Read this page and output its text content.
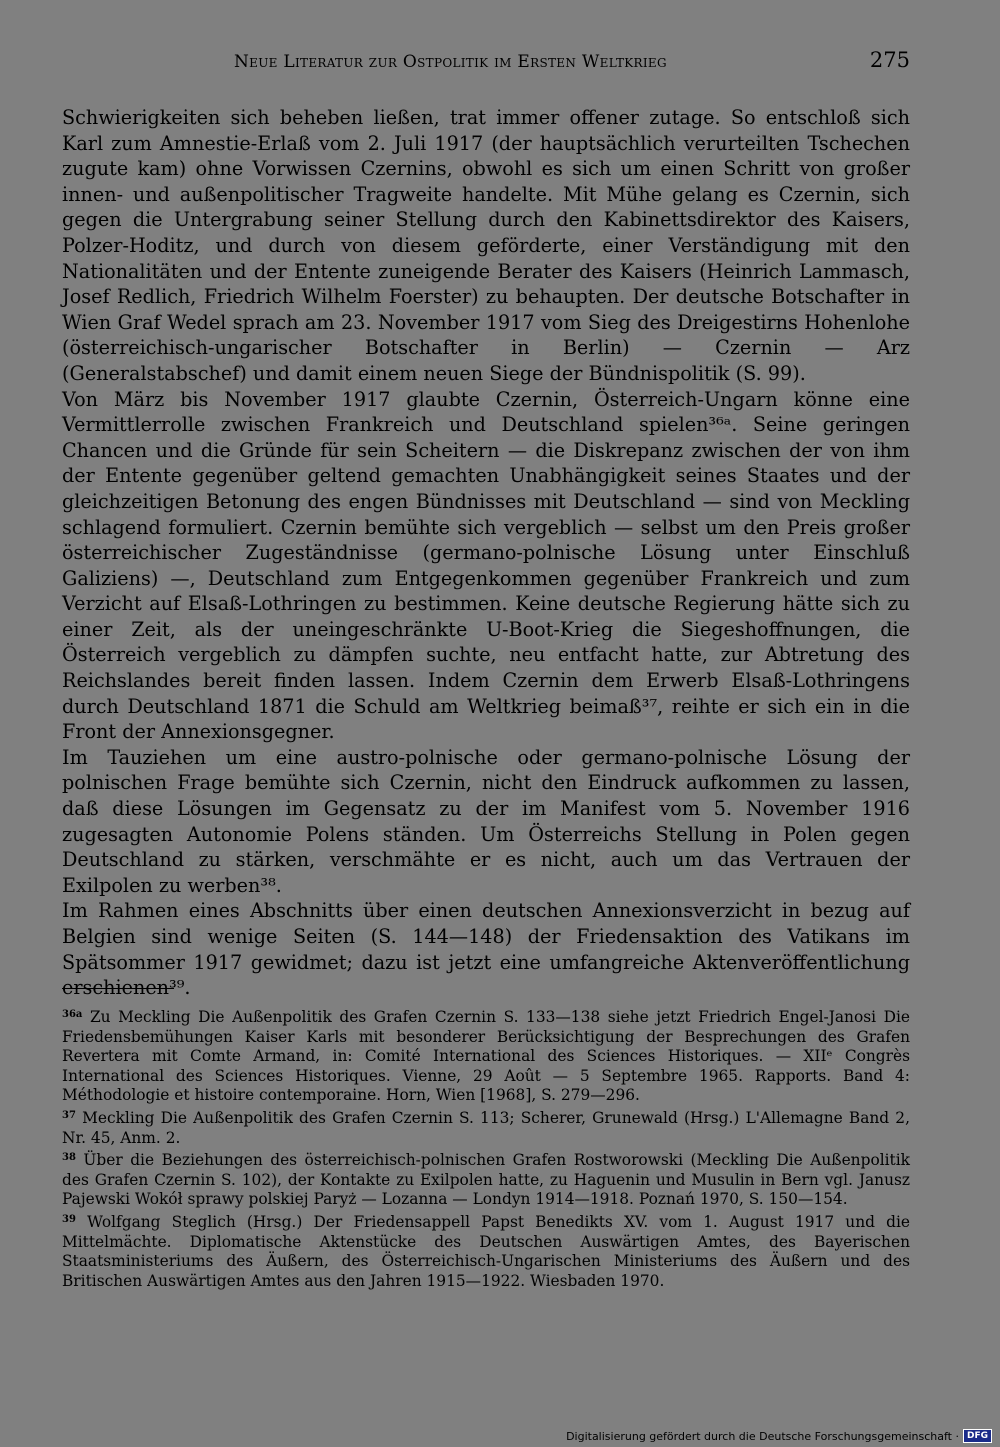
Neue Literatur zur Ostpolitik im Ersten Weltkrieg	275

Schwierigkeiten sich beheben ließen, trat immer offener zutage. So entschloß sich Karl zum Amnestie-Erlaß vom 2. Juli 1917 (der hauptsächlich verurteilten Tschechen zugute kam) ohne Vorwissen Czernins, obwohl es sich um einen Schritt von großer innen- und außenpolitischer Tragweite handelte. Mit Mühe gelang es Czernin, sich gegen die Untergrabung seiner Stellung durch den Kabinettsdirektor des Kaisers, Polzer-Hoditz, und durch von diesem geförderte, einer Verständigung mit den Nationalitäten und der Entente zuneigende Berater des Kaisers (Heinrich Lammasch, Josef Redlich, Friedrich Wilhelm Foerster) zu behaupten. Der deutsche Botschafter in Wien Graf Wedel sprach am 23. November 1917 vom Sieg des Dreigestirns Hohenlohe (österreichisch-ungarischer Botschafter in Berlin) — Czernin — Arz (Generalstabschef) und damit einem neuen Siege der Bündnispolitik (S. 99).

Von März bis November 1917 glaubte Czernin, Österreich-Ungarn könne eine Vermittlerrolle zwischen Frankreich und Deutschland spielen³⁶ᵃ. Seine geringen Chancen und die Gründe für sein Scheitern — die Diskrepanz zwischen der von ihm der Entente gegenüber geltend gemachten Unabhängigkeit seines Staates und der gleichzeitigen Betonung des engen Bündnisses mit Deutschland — sind von Meckling schlagend formuliert. Czernin bemühte sich vergeblich — selbst um den Preis großer österreichischer Zugeständnisse (germano-polnische Lösung unter Einschluß Galiziens) —, Deutschland zum Entgegenkommen gegenüber Frankreich und zum Verzicht auf Elsaß-Lothringen zu bestimmen. Keine deutsche Regierung hätte sich zu einer Zeit, als der uneingeschränkte U-Boot-Krieg die Siegeshoffnungen, die Österreich vergeblich zu dämpfen suchte, neu entfacht hatte, zur Abtretung des Reichslandes bereit finden lassen. Indem Czernin dem Erwerb Elsaß-Lothringens durch Deutschland 1871 die Schuld am Weltkrieg beimaß³⁷, reihte er sich ein in die Front der Annexionsgegner.

Im Tauziehen um eine austro-polnische oder germano-polnische Lösung der polnischen Frage bemühte sich Czernin, nicht den Eindruck aufkommen zu lassen, daß diese Lösungen im Gegensatz zu der im Manifest vom 5. November 1916 zugesagten Autonomie Polens ständen. Um Österreichs Stellung in Polen gegen Deutschland zu stärken, verschmähte er es nicht, auch um das Vertrauen der Exilpolen zu werben³⁸.

Im Rahmen eines Abschnitts über einen deutschen Annexionsverzicht in bezug auf Belgien sind wenige Seiten (S. 144—148) der Friedensaktion des Vatikans im Spätsommer 1917 gewidmet; dazu ist jetzt eine umfangreiche Aktenveröffentlichung erschienen³⁹.

$^{36a}$ Zu Meckling Die Außenpolitik des Grafen Czernin S. 133—138 siehe jetzt Friedrich Engel-Janosi Die Friedensbemühungen Kaiser Karls mit besonderer Berücksichtigung der Besprechungen des Grafen Revertera mit Comte Armand, in: Comité International des Sciences Historiques. — XIIᵉ Congrès International des Sciences Historiques. Vienne, 29 Août — 5 Septembre 1965. Rapports. Band 4: Méthodologie et histoire contemporaine. Horn, Wien [1968], S. 279—296.

$^{37}$ Meckling Die Außenpolitik des Grafen Czernin S. 113; Scherer, Grunewald (Hrsg.) L'Allemagne Band 2, Nr. 45, Anm. 2.

$^{38}$ Über die Beziehungen des österreichisch-polnischen Grafen Rostworowski (Meckling Die Außenpolitik des Grafen Czernin S. 102), der Kontakte zu Exilpolen hatte, zu Haguenin und Musulin in Bern vgl. Janusz Pajewski Wokół sprawy polskiej Paryż — Lozanna — Londyn 1914—1918. Poznań 1970, S. 150—154.

$^{39}$ Wolfgang Steglich (Hrsg.) Der Friedensappell Papst Benedikts XV. vom 1. August 1917 und die Mittelmächte. Diplomatische Aktenstücke des Deutschen Auswärtigen Amtes, des Bayerischen Staatsministeriums des Äußern, des Österreichisch-Ungarischen Ministeriums des Äußern und des Britischen Auswärtigen Amtes aus den Jahren 1915—1922. Wiesbaden 1970.

Digitalisierung gefördert durch die Deutsche Forschungsgemeinschaft · DFG
